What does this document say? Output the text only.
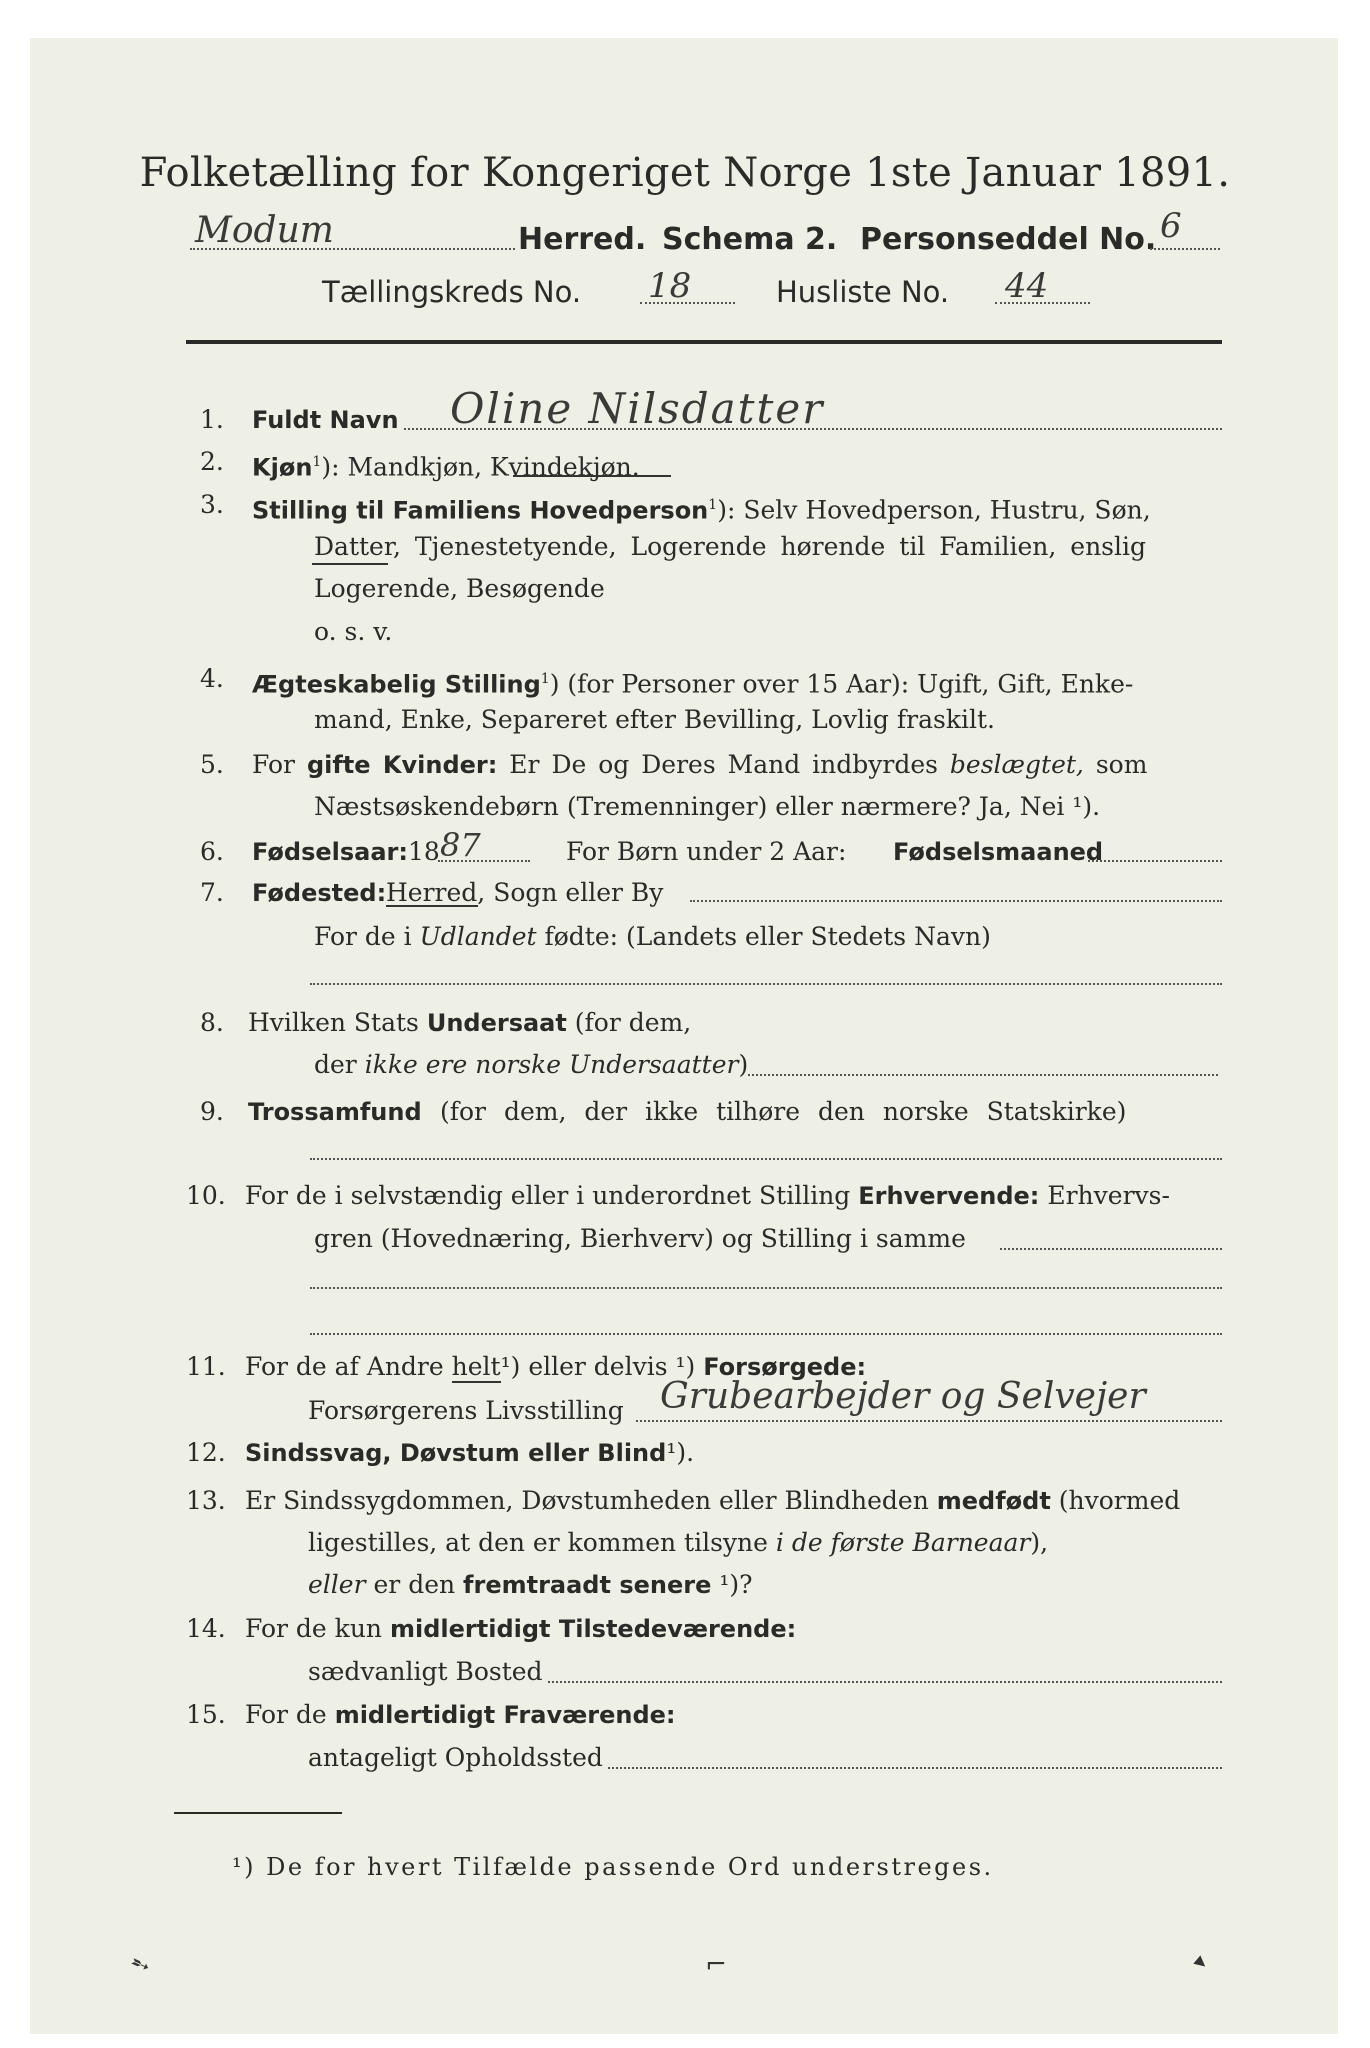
Folketælling for Kongeriget Norge 1ste Januar 1891.
Modum	Herred. Schema 2. Personseddel No. 6
Tællingskreds No. 18	Husliste No. 44
1. Fuldt Navn Oline Nilsdatter
2. Kjøn$^1$): Mandkjøn, Kvindekjøn.
3. Stilling til Familiens Hovedperson$^1$): Selv Hovedperson, Hustru, Søn,
Datter, Tjenestetyende, Logerende hørende til Familien, enslig
Logerende, Besøgende
o. s. v.
4. Ægteskabelig Stilling$^1$) (for Personer over 15 Aar): Ugift, Gift, Enke-
mand, Enke, Separeret efter Bevilling, Lovlig fraskilt.
5. For gifte Kvinder: Er De og Deres Mand indbyrdes beslægtet, som
Næstsøskendebørn (Tremenninger) eller nærmere? Ja, Nei ¹).
6. Fødselsaar: 18 87	For Børn under 2 Aar: Fødselsmaaned
7. Fødested: Herred, Sogn eller By
For de i Udlandet fødte: (Landets eller Stedets Navn)
8. Hvilken Stats Undersaat (for dem,
der ikke ere norske Undersaatter)
9. Trossamfund (for dem, der ikke tilhøre den norske Statskirke)
10. For de i selvstændig eller i underordnet Stilling Erhvervende: Erhvervs-
gren (Hovednæring, Bierhverv) og Stilling i samme
11. For de af Andre helt¹) eller delvis ¹) Forsørgede:
Forsørgerens Livsstilling Grubearbejder og Selvejer
12. Sindssvag, Døvstum eller Blind¹).
13. Er Sindssygdommen, Døvstumheden eller Blindheden medfødt (hvormed
ligestilles, at den er kommen tilsyne i de første Barneaar),
eller er den fremtraadt senere ¹)?
14. For de kun midlertidigt Tilstedeværende:
sædvanligt Bosted
15. For de midlertidigt Fraværende:
antageligt Opholdssted
¹) De for hvert Tilfælde passende Ord understreges.
➴	⌐	▸
